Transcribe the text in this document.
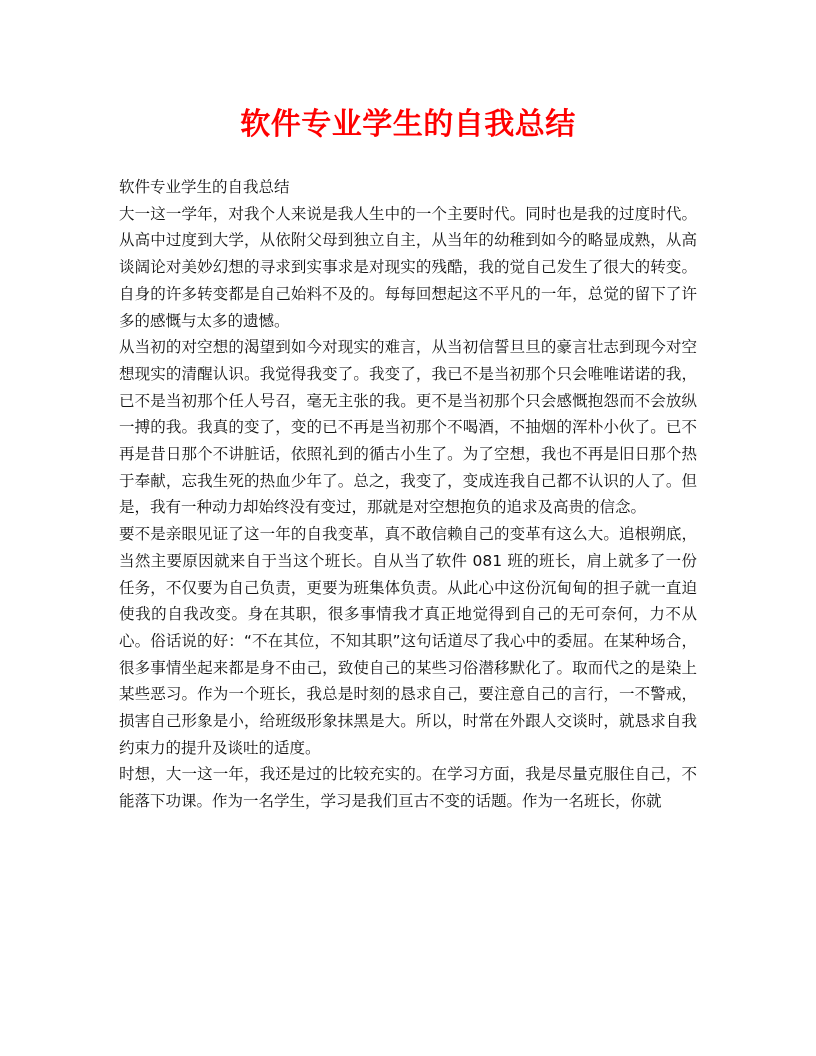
软件专业学生的自我总结

软件专业学生的自我总结

大一这一学年，对我个人来说是我人生中的一个主要时代。同时也是我的过度时代。从高中过度到大学，从依附父母到独立自主，从当年的幼稚到如今的略显成熟，从高谈阔论对美妙幻想的寻求到实事求是对现实的残酷，我的觉自己发生了很大的转变。自身的许多转变都是自己始料不及的。每每回想起这不平凡的一年，总觉的留下了许多的感慨与太多的遗憾。

从当初的对空想的渴望到如今对现实的难言，从当初信誓旦旦的豪言壮志到现今对空想现实的清醒认识。我觉得我变了。我变了，我已不是当初那个只会唯唯诺诺的我，已不是当初那个任人号召，毫无主张的我。更不是当初那个只会感慨抱怨而不会放纵一搏的我。我真的变了，变的已不再是当初那个不喝酒，不抽烟的浑朴小伙了。已不再是昔日那个不讲脏话，依照礼到的循古小生了。为了空想，我也不再是旧日那个热于奉献，忘我生死的热血少年了。总之，我变了，变成连我自己都不认识的人了。但是，我有一种动力却始终没有变过，那就是对空想抱负的追求及高贵的信念。

要不是亲眼见证了这一年的自我变革，真不敢信赖自己的变革有这么大。追根朔底，当然主要原因就来自于当这个班长。自从当了软件 081 班的班长，肩上就多了一份任务，不仅要为自己负责，更要为班集体负责。从此心中这份沉甸甸的担子就一直迫使我的自我改变。身在其职，很多事情我才真正地觉得到自己的无可奈何，力不从心。俗话说的好：“不在其位，不知其职”这句话道尽了我心中的委屈。在某种场合，很多事情坐起来都是身不由己，致使自己的某些习俗潜移默化了。取而代之的是染上某些恶习。作为一个班长，我总是时刻的恳求自己，要注意自己的言行，一不警戒，损害自己形象是小，给班级形象抹黑是大。所以，时常在外跟人交谈时，就恳求自我约束力的提升及谈吐的适度。

时想，大一这一年，我还是过的比较充实的。在学习方面，我是尽量克服住自己，不能落下功课。作为一名学生，学习是我们亘古不变的话题。作为一名班长，你就
